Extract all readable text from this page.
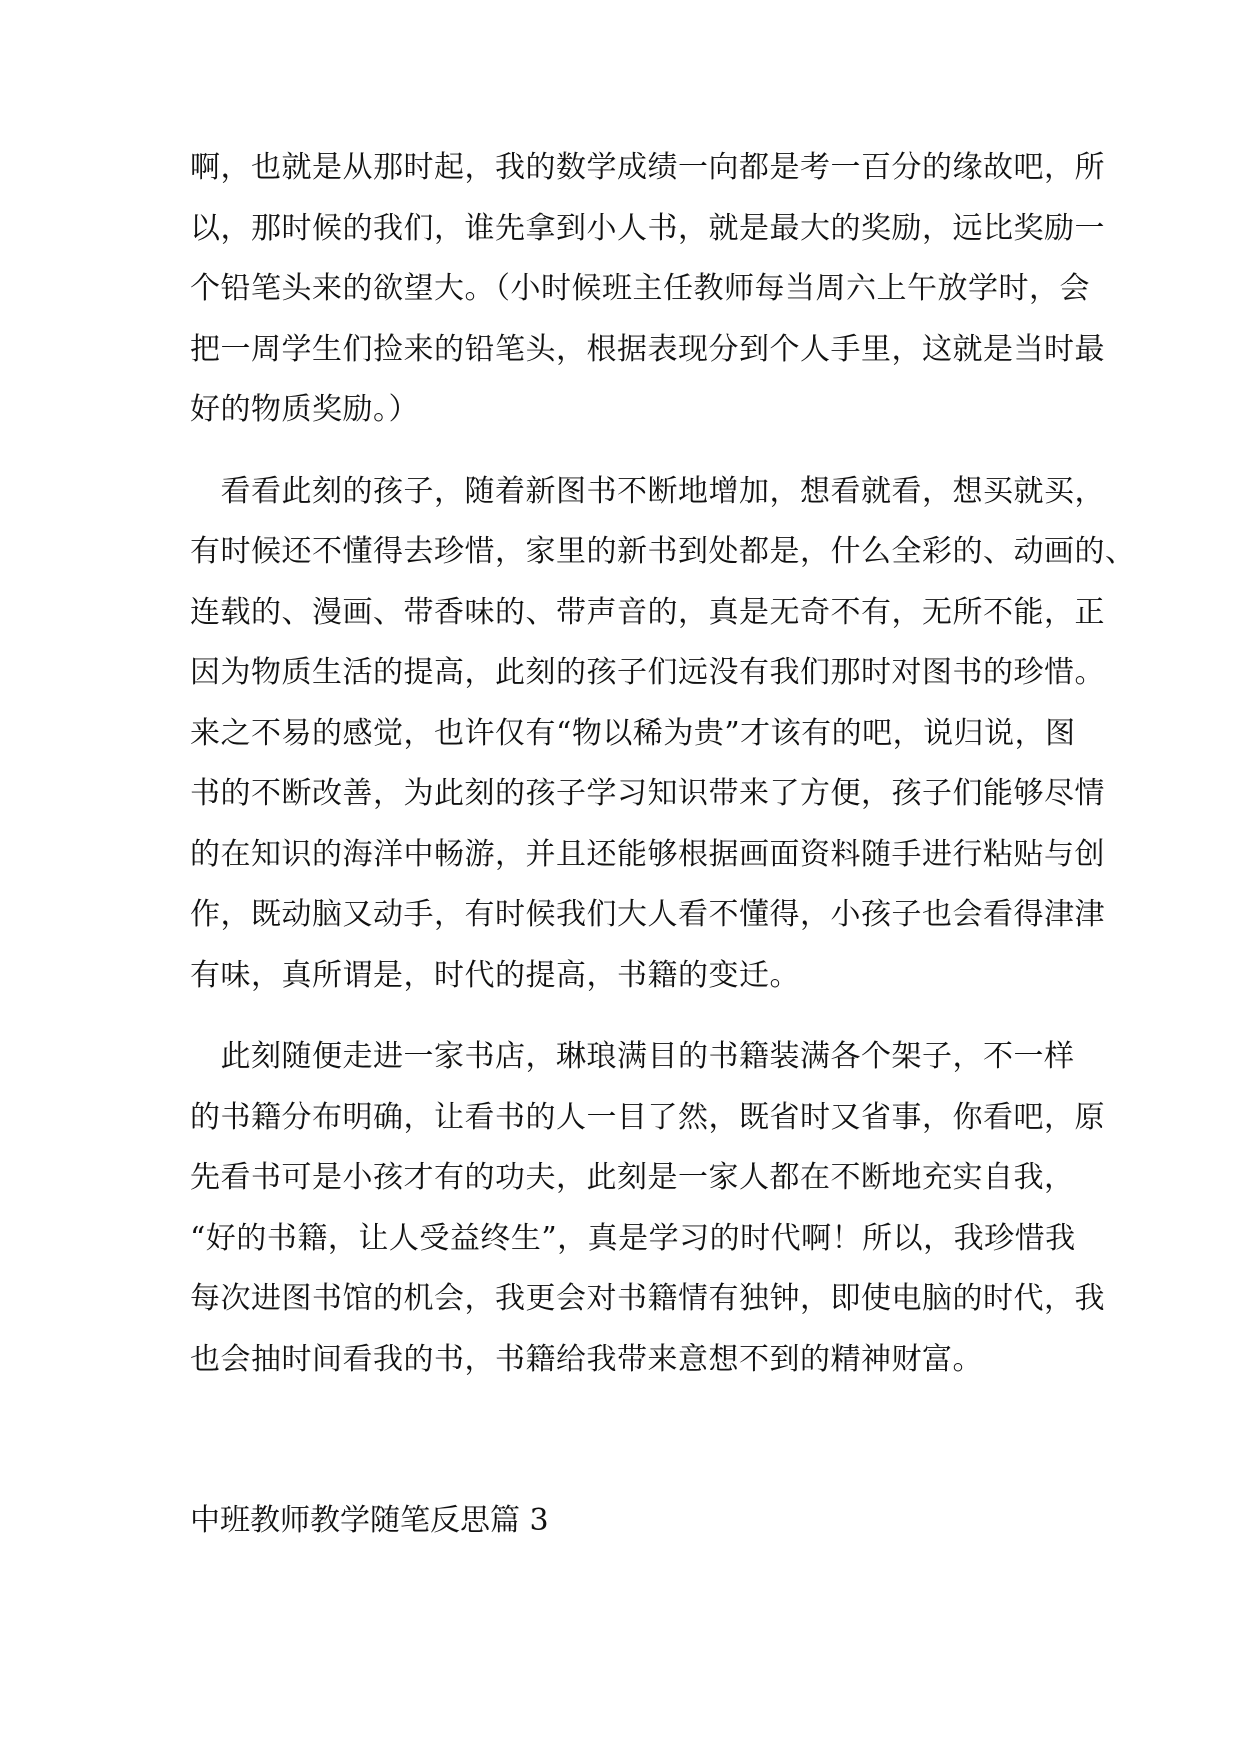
啊，也就是从那时起，我的数学成绩一向都是考一百分的缘故吧，所
以，那时候的我们，谁先拿到小人书，就是最大的奖励，远比奖励一
个铅笔头来的欲望大。（小时候班主任教师每当周六上午放学时，会
把一周学生们捡来的铅笔头，根据表现分到个人手里，这就是当时最
好的物质奖励。）
　看看此刻的孩子，随着新图书不断地增加，想看就看，想买就买，
有时候还不懂得去珍惜，家里的新书到处都是，什么全彩的、动画的、
连载的、漫画、带香味的、带声音的，真是无奇不有，无所不能，正
因为物质生活的提高，此刻的孩子们远没有我们那时对图书的珍惜。
来之不易的感觉，也许仅有“物以稀为贵”才该有的吧，说归说，图
书的不断改善，为此刻的孩子学习知识带来了方便，孩子们能够尽情
的在知识的海洋中畅游，并且还能够根据画面资料随手进行粘贴与创
作，既动脑又动手，有时候我们大人看不懂得，小孩子也会看得津津
有味，真所谓是，时代的提高，书籍的变迁。
　此刻随便走进一家书店，琳琅满目的书籍装满各个架子，不一样
的书籍分布明确，让看书的人一目了然，既省时又省事，你看吧，原
先看书可是小孩才有的功夫，此刻是一家人都在不断地充实自我，
“好的书籍，让人受益终生”，真是学习的时代啊！所以，我珍惜我
每次进图书馆的机会，我更会对书籍情有独钟，即使电脑的时代，我
也会抽时间看我的书，书籍给我带来意想不到的精神财富。
中班教师教学随笔反思篇 3
